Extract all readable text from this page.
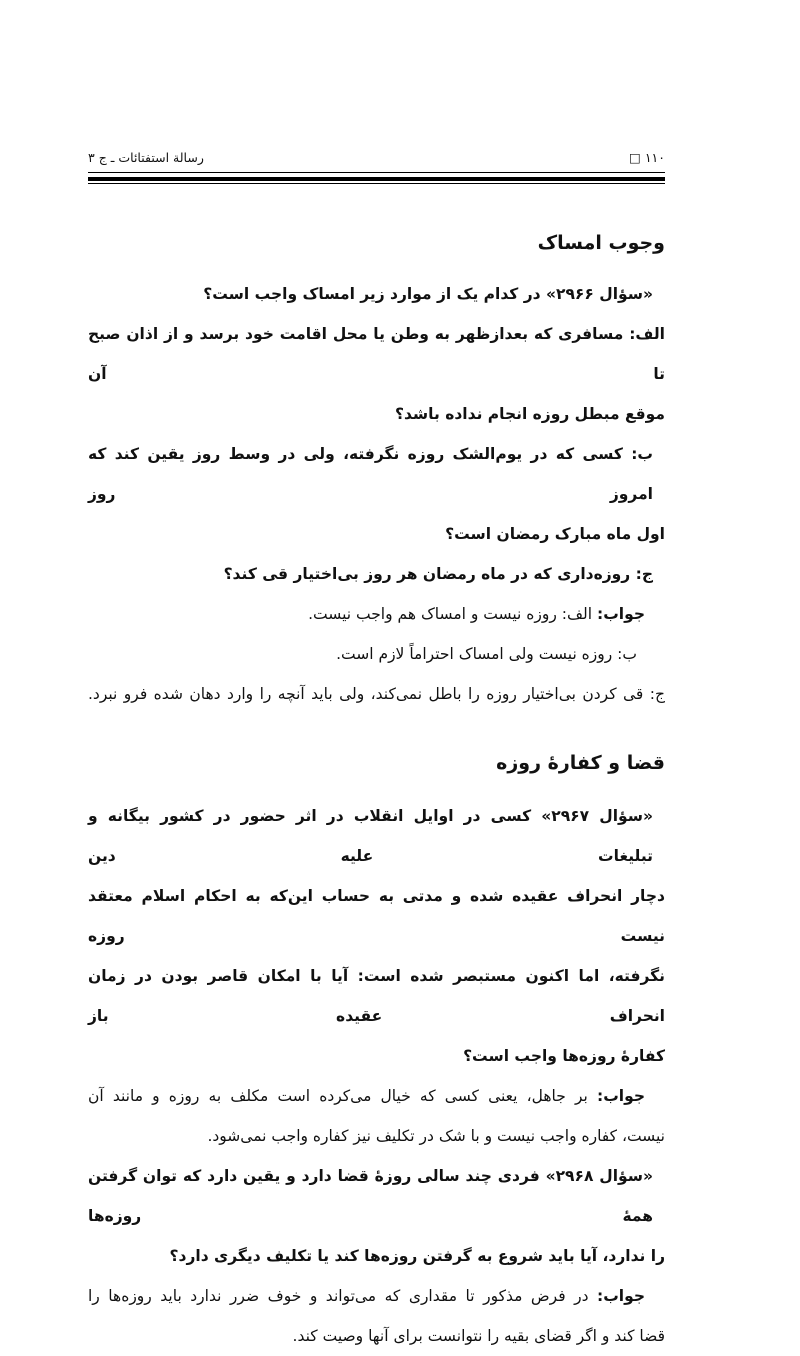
رسالة استفتائات ـ ج ۳	□ ۱۱۰
وجوب امساک
«سؤال ۲۹۶۶» در کدام یک از موارد زیر امساک واجب است؟
الف: مسافری که بعدازظهر به وطن یا محل اقامت خود برسد و از اذان صبح تا آن
موقع مبطل روزه انجام نداده باشد؟
ب: کسی که در یوم‌الشک روزه نگرفته، ولی در وسط روز یقین کند که امروز روز
اول ماه مبارک رمضان است؟
ج: روزه‌داری که در ماه رمضان هر روز بی‌اختیار قی کند؟
جواب: الف: روزه نیست و امساک هم واجب نیست.
ب: روزه نیست ولی امساک احتراماً لازم است.
ج: قی کردن بی‌اختیار روزه را باطل نمی‌کند، ولی باید آنچه را وارد دهان شده فرو نبرد.
قضا و کفارهٔ روزه
«سؤال ۲۹۶۷» کسی در اوایل انقلاب در اثر حضور در کشور بیگانه و تبلیغات علیه دین
دچار انحراف عقیده شده و مدتی به حساب این‌که به احکام اسلام معتقد نیست روزه
نگرفته، اما اکنون مستبصر شده است: آیا با امکان قاصر بودن در زمان انحراف عقیده باز
کفارهٔ روزه‌ها واجب است؟
جواب: بر جاهل، یعنی کسی که خیال می‌کرده است مکلف به روزه و مانند آن
نیست، کفاره واجب نیست و با شک در تکلیف نیز کفاره واجب نمی‌شود.
«سؤال ۲۹۶۸» فردی چند سالی روزهٔ قضا دارد و یقین دارد که توان گرفتن همهٔ روزه‌ها
را ندارد، آیا باید شروع به گرفتن روزه‌ها کند یا تکلیف دیگری دارد؟
جواب: در فرض مذکور تا مقداری که می‌تواند و خوف ضرر ندارد باید روزه‌ها را
قضا کند و اگر قضای بقیه را نتوانست برای آنها وصیت کند.
